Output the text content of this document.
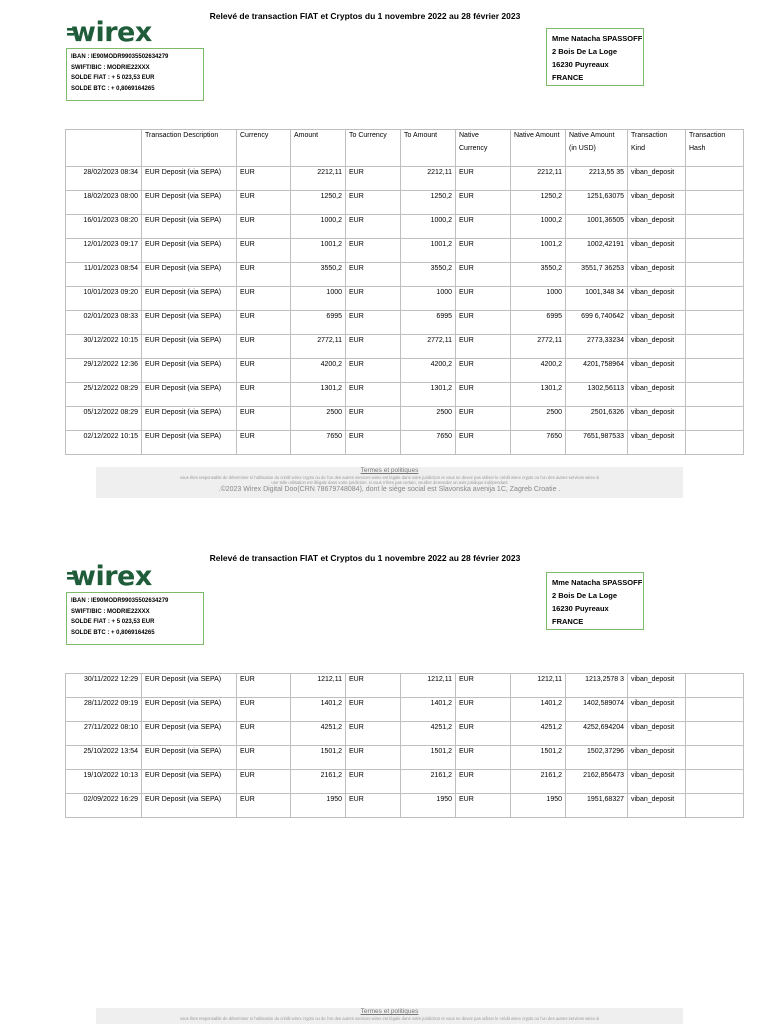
Relevé de transaction FIAT et Cryptos du 1 novembre 2022 au 28 février 2023
wirex
IBAN : IE90MODR99035502634279
SWIFT/BIC : MODRIE22XXX
SOLDE FIAT : + 5 023,53 EUR
SOLDE BTC : + 0,8069164265
Mme Natacha SPASSOFF
2 Bois De La Loge
16230 Puyreaux
FRANCE
	Transaction Description	Currency	Amount	To Currency	To Amount	Native Currency	Native Amount	Native Amount (in USD)	Transaction Kind	Transaction Hash
28/02/2023 08:34	EUR Deposit (via SEPA)	EUR	2212,11	EUR	2212,11	EUR	2212,11	2213,55 35	viban_deposit	
18/02/2023 08:00	EUR Deposit (via SEPA)	EUR	1250,2	EUR	1250,2	EUR	1250,2	1251,63075	viban_deposit	
16/01/2023 08:20	EUR Deposit (via SEPA)	EUR	1000,2	EUR	1000,2	EUR	1000,2	1001,36505	viban_deposit	
12/01/2023 09:17	EUR Deposit (via SEPA)	EUR	1001,2	EUR	1001,2	EUR	1001,2	1002,42191	viban_deposit	
11/01/2023 08:54	EUR Deposit (via SEPA)	EUR	3550,2	EUR	3550,2	EUR	3550,2	3551,7 36253	viban_deposit	
10/01/2023 09:20	EUR Deposit (via SEPA)	EUR	1000	EUR	1000	EUR	1000	1001,348 34	viban_deposit	
02/01/2023 08:33	EUR Deposit (via SEPA)	EUR	6995	EUR	6995	EUR	6995	699 6,740642	viban_deposit	
30/12/2022 10:15	EUR Deposit (via SEPA)	EUR	2772,11	EUR	2772,11	EUR	2772,11	2773,33234	viban_deposit	
29/12/2022 12:36	EUR Deposit (via SEPA)	EUR	4200,2	EUR	4200,2	EUR	4200,2	4201,758964	viban_deposit	
25/12/2022 08:29	EUR Deposit (via SEPA)	EUR	1301,2	EUR	1301,2	EUR	1301,2	1302,56113	viban_deposit	
05/12/2022 08:29	EUR Deposit (via SEPA)	EUR	2500	EUR	2500	EUR	2500	2501,6326	viban_deposit	
02/12/2022 10:15	EUR Deposit (via SEPA)	EUR	7650	EUR	7650	EUR	7650	7651,987533	viban_deposit	
Termes et politiques
vous êtes responsable de déterminer si l'utilisation du crédit wirex crypto ou de l'un des autres services wirex est légale dans votre juridiction et vous ne devez pas utiliser le crédit wirex crypto ou l'un des autres services wirex si
une telle utilisation est illégale dans votre juridiction. si vous n'êtes pas certain, veuillez demander un avis juridique indépendant
.©2023 Wirex Digital Doo(CRN 78679748084), dont le siège social est Slavonska avenija 1C, Zagreb Croatie .
Relevé de transaction FIAT et Cryptos du 1 novembre 2022 au 28 février 2023
wirex
IBAN : IE90MODR99035502634279
SWIFT/BIC : MODRIE22XXX
SOLDE FIAT : + 5 023,53 EUR
SOLDE BTC : + 0,8069164265
Mme Natacha SPASSOFF
2 Bois De La Loge
16230 Puyreaux
FRANCE
30/11/2022 12:29	EUR Deposit (via SEPA)	EUR	1212,11	EUR	1212,11	EUR	1212,11	1213,2578 3	viban_deposit	
28/11/2022 09:19	EUR Deposit (via SEPA)	EUR	1401,2	EUR	1401,2	EUR	1401,2	1402,589074	viban_deposit	
27/11/2022 08:10	EUR Deposit (via SEPA)	EUR	4251,2	EUR	4251,2	EUR	4251,2	4252,694204	viban_deposit	
25/10/2022 13:54	EUR Deposit (via SEPA)	EUR	1501,2	EUR	1501,2	EUR	1501,2	1502,37296	viban_deposit	
19/10/2022 10:13	EUR Deposit (via SEPA)	EUR	2161,2	EUR	2161,2	EUR	2161,2	2162,856473	viban_deposit	
02/09/2022 16:29	EUR Deposit (via SEPA)	EUR	1950	EUR	1950	EUR	1950	1951,68327	viban_deposit	
Termes et politiques
vous êtes responsable de déterminer si l'utilisation du crédit wirex crypto ou de l'un des autres services wirex est légale dans votre juridiction et vous ne devez pas utiliser le crédit wirex crypto ou l'un des autres services wirex si
